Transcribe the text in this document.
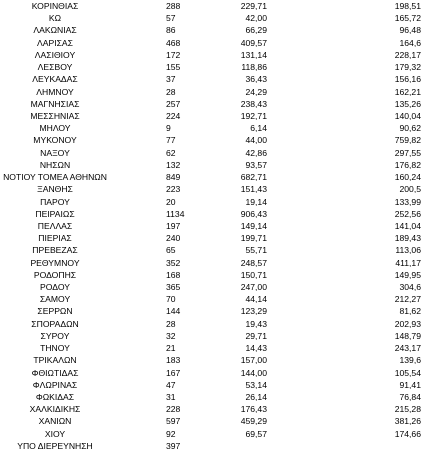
ΚΟΡΙΝΘΙΑΣ	288	229,71	198,51
ΚΩ	57	42,00	165,72
ΛΑΚΩΝΙΑΣ	86	66,29	96,48
ΛΑΡΙΣΑΣ	468	409,57	164,6
ΛΑΣΙΘΙΟΥ	172	131,14	228,17
ΛΕΣΒΟΥ	155	118,86	179,32
ΛΕΥΚΑΔΑΣ	37	36,43	156,16
ΛΗΜΝΟΥ	28	24,29	162,21
ΜΑΓΝΗΣΙΑΣ	257	238,43	135,26
ΜΕΣΣΗΝΙΑΣ	224	192,71	140,04
ΜΗΛΟΥ	9	6,14	90,62
ΜΥΚΟΝΟΥ	77	44,00	759,82
ΝΑΞΟΥ	62	42,86	297,55
ΝΗΣΩΝ	132	93,57	176,82
ΝΟΤΙΟΥ ΤΟΜΕΑ ΑΘΗΝΩΝ	849	682,71	160,24
ΞΑΝΘΗΣ	223	151,43	200,5
ΠΑΡΟΥ	20	19,14	133,99
ΠΕΙΡΑΙΩΣ	1134	906,43	252,56
ΠΕΛΛΑΣ	197	149,14	141,04
ΠΙΕΡΙΑΣ	240	199,71	189,43
ΠΡΕΒΕΖΑΣ	65	55,71	113,06
ΡΕΘΥΜΝΟΥ	352	248,57	411,17
ΡΟΔΟΠΗΣ	168	150,71	149,95
ΡΟΔΟΥ	365	247,00	304,6
ΣΑΜΟΥ	70	44,14	212,27
ΣΕΡΡΩΝ	144	123,29	81,62
ΣΠΟΡΑΔΩΝ	28	19,43	202,93
ΣΥΡΟΥ	32	29,71	148,79
ΤΗΝΟΥ	21	14,43	243,17
ΤΡΙΚΑΛΩΝ	183	157,00	139,6
ΦΘΙΩΤΙΔΑΣ	167	144,00	105,54
ΦΛΩΡΙΝΑΣ	47	53,14	91,41
ΦΩΚΙΔΑΣ	31	26,14	76,84
ΧΑΛΚΙΔΙΚΗΣ	228	176,43	215,28
ΧΑΝΙΩΝ	597	459,29	381,26
ΧΙΟΥ	92	69,57	174,66
ΥΠΟ ΔΙΕΡΕΥΝΗΣΗ	397
